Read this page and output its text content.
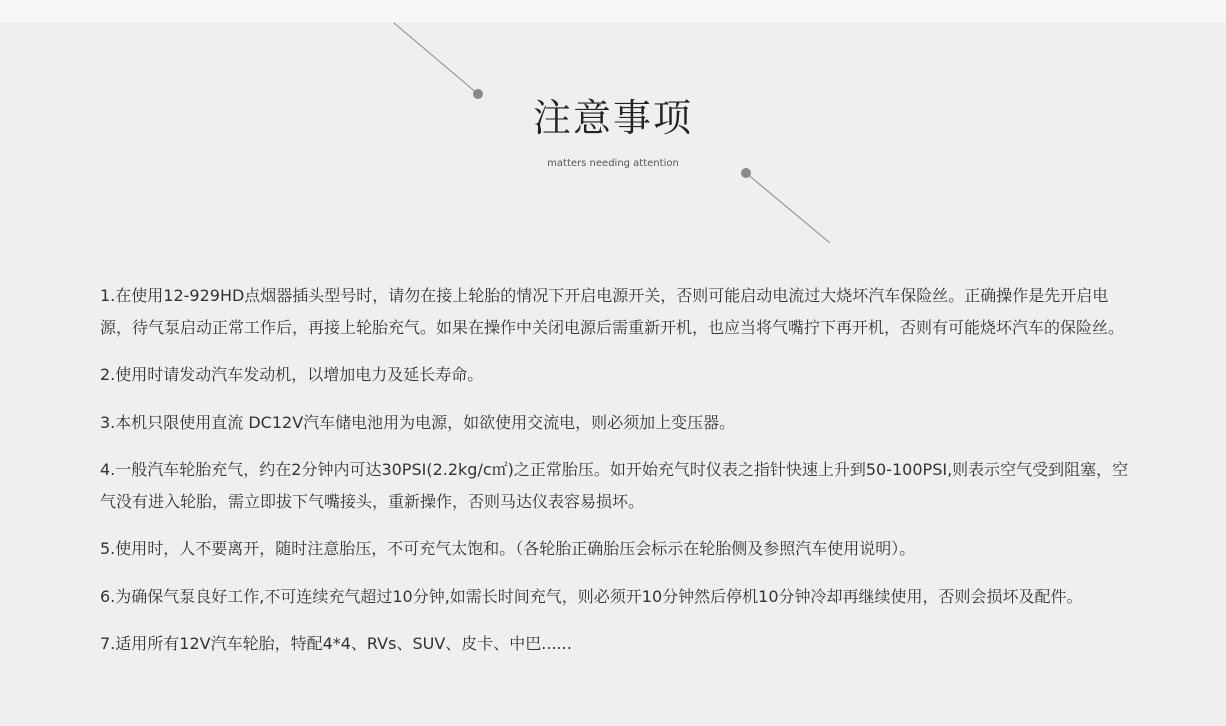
注意事项
matters needing attention
1.在使用12-929HD点烟器插头型号时，请勿在接上轮胎的情况下开启电源开关，否则可能启动电流过大烧坏汽车保险丝。正确操作是先开启电源，待气泵启动正常工作后，再接上轮胎充气。如果在操作中关闭电源后需重新开机，也应当将气嘴拧下再开机，否则有可能烧坏汽车的保险丝。
2.使用时请发动汽车发动机，以增加电力及延长寿命。
3.本机只限使用直流 DC12V汽车储电池用为电源，如欲使用交流电，则必须加上变压器。
4.一般汽车轮胎充气，约在2分钟内可达30PSI(2.2kg/c㎡)之正常胎压。如开始充气时仪表之指针快速上升到50-100PSI,则表示空气受到阻塞，空气没有进入轮胎，需立即拔下气嘴接头，重新操作，否则马达仪表容易损坏。
5.使用时，人不要离开，随时注意胎压，不可充气太饱和。（各轮胎正确胎压会标示在轮胎侧及参照汽车使用说明）。
6.为确保气泵良好工作,不可连续充气超过10分钟,如需长时间充气，则必须开10分钟然后停机10分钟冷却再继续使用，否则会损坏及配件。
7.适用所有12V汽车轮胎，特配4*4、RVs、SUV、皮卡、中巴......
